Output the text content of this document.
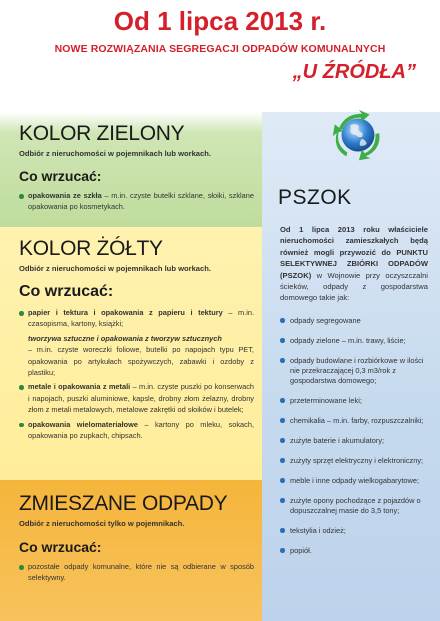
Od 1 lipca 2013 r.
NOWE ROZWIĄZANIA SEGREGACJI ODPADÓW KOMUNALNYCH
„U ŹRÓDŁA”
PSZOK
Od 1 lipca 2013 roku właściciele nieruchomości zamieszkałych będą również mogli przywozić do PUNKTU SELEKTYWNEJ ZBIÓRKI ODPADÓW (PSZOK) w Wojnowie przy oczyszczalni ścieków, odpady z gospodarstwa domowego takie jak:
odpady segregowane
odpady zielone – m.in. trawy, liście;
odpady budowlane i rozbiórkowe w ilości nie przekraczającej 0,3 m3/rok z gospodarstwa domowego;
przeterminowane leki;
chemikalia – m.in. farby, rozpuszczalniki;
zużyte baterie i akumulatory;
zużyty sprzęt elektryczny i elektroniczny;
meble i inne odpady wielkogabarytowe;
zużyte opony pochodzące z pojazdów o dopuszczalnej masie do 3,5 tony;
tekstylia i odzież;
popiół.
KOLOR ZIELONY
Odbiór z nieruchomości w pojemnikach lub workach.
Co wrzucać:
opakowania ze szkła – m.in. czyste butelki szklane, słoiki, szklane opakowania po kosmetykach.
KOLOR ŻÓŁTY
Odbiór z nieruchomości w pojemnikach lub workach.
Co wrzucać:
papier i tektura i opakowania z papieru i tektury – m.in. czasopisma, kartony, książki;
tworzywa sztuczne i opakowania z tworzyw sztucznych
– m.in. czyste woreczki foliowe, butelki po napojach typu PET, opakowania po artykułach spożywczych, zabawki i ozdoby z plastiku;
metale i opakowania z metali – m.in. czyste puszki po konserwach i napojach, puszki aluminiowe, kapsle, drobny złom żelazny, drobny złom z metali metalowych, metalowe zakrętki od słoików i butelek;
opakowania wielomateriałowe – kartony po mleku, sokach, opakowania po zupkach, chipsach.
ZMIESZANE ODPADY
Odbiór z nieruchomości tylko w pojemnikach.
Co wrzucać:
pozostałe odpady komunalne, które nie są odbierane w sposób selektywny.
